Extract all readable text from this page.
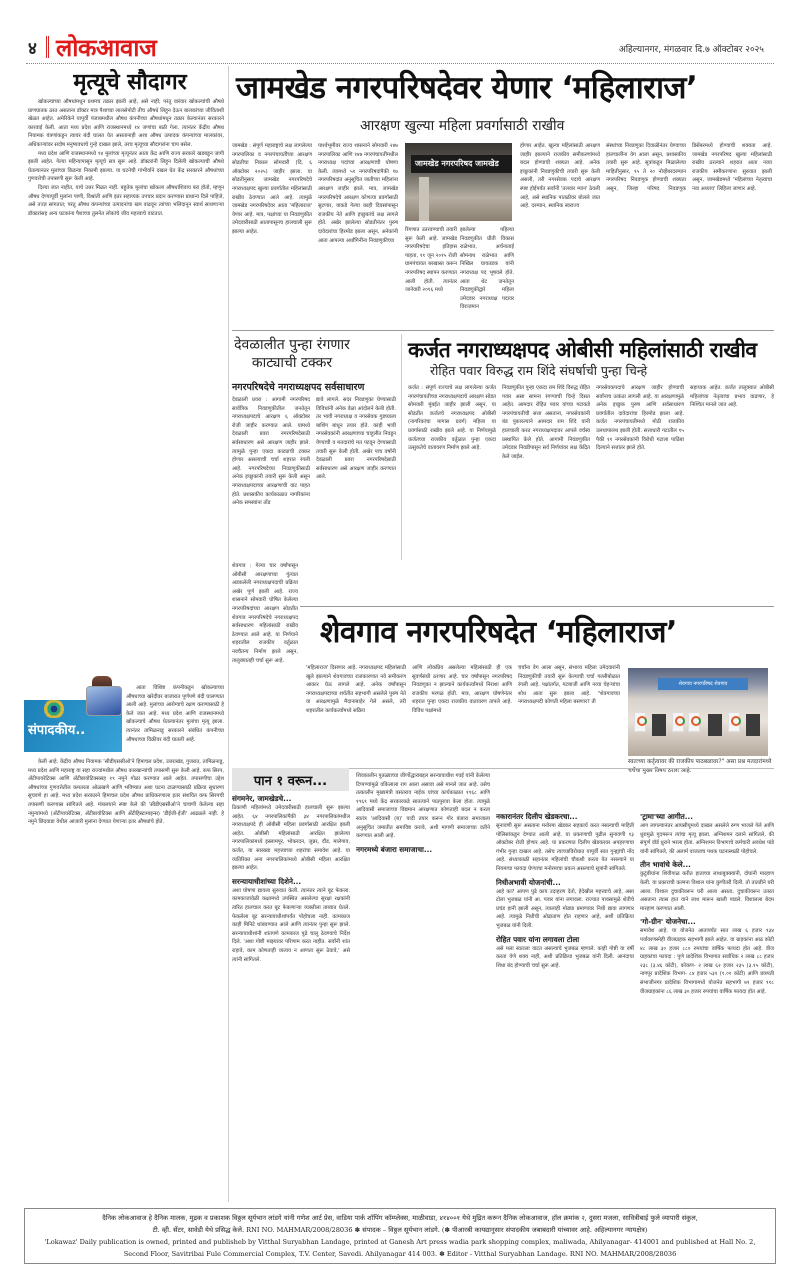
४ लोकआवाज	अहिल्यानगर, मंगळवार दि.७ ऑक्टोबर २०२५
मृत्यूचे सौदागर

खोकल्याच्या औषधांमधून प्रथमच तक्रार झाली आहे, असे नाही; परंतु वारंवार खोकल्यांची औषधे प्राणघातक ठरत असताना डॉक्टर मात्र पैशाच्या लालसेपोटी तीच औषधे लिहून देऊन बालकांच्या जीविताशी खेळत आहेत. अमेरिकेने यापूर्वी पंजाबमधील औषध कंपनीच्या औषधांमधून तक्रार केल्यानंतर सरकारने कारवाई केली. आता मध्य प्रदेश आणि राजस्थानमध्ये १४ जणांचा बळी गेला. त्यानंतर केंद्रीय औषध नियामक यंत्रणांकडून त्यावर बंदी घालत येत असतानाही अशा औषध उत्पादक कंपन्यांच्या मालकांवर, अधिकाऱ्यांवर सदोष मनुष्यवधाचे गुन्हे दाखल झाले, तरच मृत्यूच्या सौदागरांना चाप बसेल.

मध्य प्रदेश आणि राजस्थानमध्ये १४ मुलांच्या मृत्यूनंतर आता केंद्र आणि राज्य सरकारे खडबडून जागी झाली आहेत. गेल्या महिन्यापासून मृत्यूचे सत्र सुरू आहे. डॉक्टरांनी लिहून दिलेली खोकल्याची औषधे घेतल्यानंतर मुलांच्या किडन्या निकामी झाल्या. या घटनेची गांभीर्याने दखल घेत केंद्र सरकारने औषधांच्या गुणवत्तेची तपासणी सुरू केली आहे.

दिल्या जात नाहीत, याचे उत्तर मिळत नाही. बहुतेक मुलांचा खोकला औषधांशिवाय बरा होतो, म्हणून औषध देण्यापूर्वी मुलांना पाणी, विश्रांती आणि इतर सहाय्यक उपचार प्रदान करण्यास प्राधान्य दिले पाहिजे, असे तज्ज्ञ सांगतात; परंतु औषध कंपन्यांच्या उत्पादनांचा खप वाढवून त्यांच्या भलिदानून स्वार्थ साधणाऱ्या डॉक्टरांसह अन्य घटकांना पैशाच्या तुलनेत लोकांचे जीव महत्त्वाचे वाटतात.

संपादकीय..

आता विशिष्ट कंपनीकडून खोकल्याच्या औषधाच्या खरेदीवर बाजारात पूर्णपणे बंदी घालण्यात आली आहे. मुलांच्या आरोग्याचे रक्षण करण्यासाठी हे केले जात आहे. मध्य प्रदेश आणि राजस्थानमध्ये खोकल्याचे औषध घेतल्यानंतर मुलांचा मृत्यू झाला. त्यानंतर तामिळनाडू सरकारने संबंधित कंपनीच्या औषधाच्या विक्रीवर बंदी घातली आहे.

केली आहे. केंद्रीय औषध नियामक 'सीडीएससीओ'ने हिमाचल प्रदेश, उत्तराखंड, गुजरात, तामिळनाडू, मध्य प्रदेश आणि महाराष्ट्र या सहा राज्यांमधील औषध कारखान्यांची तपासणी सुरू केली आहे. कफ सिरप, अँटीपायरेटिक्स आणि अँटीबायोटिक्ससह १९ नमुने गोळा करण्यात आले आहेत. तपासणीचा उद्देश औषधांच्या गुणवत्तेतील कमतरता ओळखणे आणि भविष्यात अशा घटना टाळण्यासाठी प्रक्रिया सुधारणा सुचवणे हा आहे. मध्य प्रदेश सरकारने हिमाचल प्रदेश औषध प्राधिकरणाला इतर संशयित कफ सिरपची तपासणी करण्यास सांगितले आहे. मंत्रालयाने स्पष्ट केले की 'सीडीएससीओ'ने चाचणी केलेल्या सहा नमुन्यांमध्ये (अँटीपायरेटिक्स, अँटीबायोटिक्स आणि अँटीहिस्टामाइन्स) 'डीईजी-ईजी' आढळले नाही. हे नमुने छिंदवाडा येथील आजारी मुलांना देण्यात येणाऱ्या इतर औषधांचे होते.

जामखेड नगरपरिषदेवर येणार ‘महिलाराज’
आरक्षण खुल्या महिला प्रवर्गासाठी राखीव
जामखेड : संपूर्ण महाराष्ट्राचे लक्ष लागलेल्या नगरपालिका व नगरपंचायतींच्या आरक्षण सोडतीचा निकाल सोमवारी (दि. ६ ऑक्टोबर २०२५) जाहीर झाला. या सोडतीनुसार जामखेड नगरपरिषदेचे नगराध्यक्षपद खुल्या प्रवर्गातील महिलांसाठी राखीव ठेवण्यात आले आहे. त्यामुळे जामखेड नगरपरिषदेवर आता 'महिलाराज' येणार आहे. मात्र, पक्षांच्या या निवडणुकीत उमेदवारीसाठी आतापासूनच हालचाली सुरू झाल्या आहेत.
पार्श्वभूमीवर राज्य शासनाने सोमवारी २४७ नगरपालिका आणि १४७ नगरपंचायतींमधील नगराध्यक्ष पदांच्या आरक्षणाची घोषणा केली. त्यामध्ये ५१ नगरपरिषदांपैकी १७ नगरपरिषदांत अनुसूचित जातीच्या महिलांना आरक्षण जाहीर झाले. मात्र, जामखेड नगरपरिषदेचे आरक्षण कोणत्या प्रवर्गासाठी सुटणार, याकडे गेल्या काही दिवसांपासून राजकीय नेते आणि इच्छुकांचे लक्ष लागले होते. अखेर झालेल्या सोडतीनंतर पुरुष दावेदारांचा हिरमोड झाला असून, अनेकांनी आता आपल्या अर्धांगिनींना निवडणुकीच्या
जामखेड नगरपरिषद जामखेड
रिंगणात उतरवण्याची तयारी सुरू केली आहे. जामखेड नगरपरिषदेचा इतिहास पाहता, ११ जून २०१५ रोजी ग्रामपंचायत बरखास्त करून नगरपरिषद स्थापन करण्यात आली होती. त्यानंतर जानेवारी २०१६ मध्ये
झालेल्या पहिल्या निवडणुकीत प्रीती विकास राळेभात, अर्चनाताई सोमनाथ राळेभात आणि निखिल घायतडक यांनी नगराध्यक्ष पद भूषवले होते. आता थेट जनतेतून निवडणुकीद्वारे महिला उमेदवार नगराध्यक्ष पदावर विराजमान
होणार आहेत. खुल्या महिलांसाठी आरक्षण जाहीर झाल्याने राजकीय समीकरणांमध्ये बदल होण्याची शक्यता आहे. अनेक इच्छुकांनी निवडणुकीची तयारी सुरू केली असली, तरी नगरसेवक पदाचे आरक्षण स्पष्ट होईपर्यंत सर्वांनी 'तलवार म्यान' ठेवली आहे, असे स्थानिक पातळीवर बोलले जात आहे. दरम्यान, स्थानिक स्वराज्य
संस्थांच्या निवडणुका दिवाळीनंतर घेण्याच्या हालचालींना वेग आला असून, प्रशासकीय तयारी सुरू आहे. सूत्रांकडून मिळालेल्या माहितीनुसार, १५ ते २० नोव्हेंबरदरम्यान नगरपरिषद निवडणूक होण्याची शक्यता असून, जिल्हा परिषद निवडणूक डिसेंबरमध्ये होण्याची शक्यता आहे. जामखेड नगरपरिषद खुल्या महिलांसाठी राखीव ठरल्याने शहरात आता नव्या राजकीय समीकरणांना सुरुवात झाली असून, जामखेडमध्ये 'महिलांच्या नेतृत्वाचा नवा अध्याय' लिहिला जाणार आहे.
देवळालीत पुन्हा रंगणार
काट्याची टक्कर
नगरपरिषदेचे नगराध्यक्षपद सर्वसाधारण
देवळाली प्रवरा : आगामी नगरपरिषद सार्वत्रिक निवडणुकीतील जनतेतून नगराध्यक्षपदाचे आरक्षण ६ ऑक्टोबर रोजी जाहीर करण्यात आले. यामध्ये देवळाली प्रवरा नगरपरिषदेसाठी सर्वसाधारण असे आरक्षण जाहीर झाले. त्यामुळे पुन्हा एकदा काट्याची टक्कर होणार असल्याची चर्चा शहरात रंगली आहे. नगरपरिषदेच्या निवडणुकीसाठी अनेक इच्छुकांनी तयारी सुरू केली असून नगराध्यक्षपदाच्या आरक्षणाची वाट पाहत होते. प्रशासकीय कार्यकाळात नागरिकांना अनेक समस्यांना तोंड
द्यावे लागले. सदर निवडणुका घेण्यासाठी विविधांनी अनेक वेळा आंदोलने केली होती. तर भावी नगराध्यक्ष व नगरसेवक गुडघ्याला बाशिंग बांधून तयार होते. काही भावी नगरसेवकांनी आरक्षणाच्या चाहुलीत निवडून येण्याची व मतदारांचे मत पटवून देण्यासाठी तयारी सुरू केली होती. अखेर पाच वर्षांनी देवळाली प्रवरा नगरपरिषदेसाठी सर्वसाधारण असे आरक्षण जाहीर करण्यात आले.
कर्जत नगराध्यक्षपद ओबीसी महिलांसाठी राखीव
रोहित पवार विरुद्ध राम शिंदे संघर्षाची पुन्हा चिन्हे
कर्जत : संपूर्ण राज्याचे लक्ष लागलेल्या कर्जत नगरपंचायतीच्या नगराध्यक्षपदाचे आरक्षण सोडत सोमवारी मुंबईत जाहीर झाली असून, या सोडतीत कर्जतचे नगराध्यक्षपद ओबीसी (नागरिकांचा मागास प्रवर्ग) महिला या प्रवर्गासाठी राखीव झाले आहे. या निर्णयामुळे कर्जतच्या राजकीय वर्तुळात पुन्हा एकदा उत्सुकतेचे वातावरण निर्माण झाले आहे.
निवडणुकीत पुन्हा एकदा राम शिंदे विरुद्ध रोहित पवार असा सामना रंगण्याची चिन्हे दिसत आहेत. आमदार रोहित पवार यांच्या गटाकडे नगरपंचायतीची सत्ता असताना, नगरसेवकांनी बंड पुकारल्याने आमदार राम शिंदे यांनी हालचाली करत नगराध्यक्षपदावर आपले वर्चस्व प्रस्थापित केले होते. आगामी निवडणुकीत उमेदवार निवडीपासून सर्व निर्णयांवर लक्ष केंद्रित केले जाईल.
नगरसेवकपदाचे आरक्षण जाहीर होण्याची सर्वांनाच उत्कंठा लागली आहे. या आरक्षणामुळे अनेक इच्छुक पुरुष आणि सर्वसाधारण प्रवर्गातील दावेदारांचा हिरमोड झाला आहे. कर्जत नगरपंचायतीमध्ये मोठी राजकीय उलथापालथ झाली होती. सत्ताधारी गटातील १५ पैकी ११ नगरसेवकांनी विरोधी गटाला पाठिंबा दिल्याने सत्तांतर झाले होते.
सहाय्यक आहेत. कर्जत तालुक्यात ओबीसी महिलांच्या नेतृत्वाचा प्रभाव वाढणार, हे निश्चित मानले जात आहे.
शेवगाव : गेल्या चार वर्षांपासून ओबीसी आरक्षणाच्या गुंत्यात अडकलेली नगराध्यक्षपदाची प्रक्रिया अखेर पूर्ण झाली आहे. राज्य शासनाने सोमवारी घोषित केलेल्या नगरपरिषदांच्या आरक्षण सोडतीत शेवगाव नगरपरिषदेचे नगराध्यक्षपद सर्वसाधारण महिलांसाठी राखीव ठेवण्यात आले आहे. या निर्णयाने शहरातील राजकीय वर्तुळात नवचैतन्य निर्माण झाले असून, तालुक्यातही चर्चा सुरू आहे.
शेवगाव नगरपरिषदेत ‘महिलाराज’
'महिलाराज' दिसणार आहे. नगराध्यक्षपद महिलांसाठी खुले झाल्याने शेवगावच्या राजकारणात नवे समीकरण आकार घेऊ लागले आहे. अनेक वर्षांपासून नगराध्यक्षपदाच्या शर्यतीत सहभागी असलेले पुरुष नेते या आरक्षणामुळे मैदानाबाहेर गेले असले, तरी शहरातील कार्यकर्त्यांमध्ये सक्रिय
आणि लोकप्रिय असलेल्या महिलांसाठी ही एक सुवर्णसंधी ठरणार आहे. चार वर्षांपासून नगरपरिषद निवडणुका न झाल्याने कार्यकर्त्यांमध्ये निराशा आणि राजकीय मरगळ होती. मात्र, आरक्षण घोषणेनंतर शहरात पुन्हा एकदा राजकीय वातावरण तापले आहे. विविध पक्षांमध्ये
चर्चांना वेग आला असून, संभाव्य महिला उमेदवारांनी निवडणुकीची तयारी सुरू केल्याची चर्चा गल्लीबोळात रंगली आहे. पक्षांतर्गत, गटबाजी आणि नव्या चेहऱ्यांचा शोध आता सुरू झाला आहे. "शेवगावच्या नगराध्यक्षपदी कोणती महिला बसणार? ती
शेवगाव नगरपरिषद शेवगाव
स्वतःच्या कर्तृत्वावर की राजकीय पाठबळावर?" असा प्रश्न मतदारांमध्ये चर्चेचा मुख्य विषय ठरला आहे.
पान १ वरून...
संगमनेर, जामखेडचे...
ठिकाणी महिलांमध्ये उमेदवारीसाठी हालचाली सुरू झाल्या आहेत. ६४ नगरपालिकांपैकी ३४ नगरपालिकांमधील नगराध्यक्षपदे ही ओबीसी महिला प्रवर्गासाठी आरक्षित झाली आहेत. ओबीसी महिलांसाठी आरक्षित झालेल्या नगरपालिकांमध्ये इस्लामपूर, भोकरदन, जुन्नर, दौंड, मालेगाव, कर्जत, या सारख्या महत्त्वाच्या शहरांचा समावेश आहे. या व्यतिरिक्त अन्य नगरपालिकांमध्ये ओबीसी महिला आरक्षित झाल्या आहेत.
सरन्यायाधीशांच्या दिशेने...
अशा घोषणा द्यायला सुरुवात केली. त्यानंतर त्याने बूट फेकला. कामकाजावेळी कक्षामध्ये उपस्थित असलेल्या सुरक्षा रक्षकांनी त्वरित हालचाल करत बूट फेकणाऱ्या व्यक्तीला ताब्यात घेतले. फेकलेला बूट सरन्यायाधीशांपर्यंत पोहोचला नाही. कामकाज काही मिनिटे थांबवण्यात आले आणि त्यानंतर पुन्हा सुरू झाले. सरन्यायाधीशांनी शांतपणे कामकाज पुढे चालू ठेवण्याचे निर्देश दिले. 'अशा गोष्टी माझ्यावर परिणाम करत नाहीत. सर्वांनी शांत राहावे, काम कोणताही व्यत्यय न आणता सुरू ठेवावे,' असे त्यांनी सांगितले.
शिवकालीन पुतळ्याच्या जीर्णोद्धाराबद्दल सरन्यायाधीश गवई यांनी केलेल्या टिप्पण्यांमुळे वकिलाला राग आला असावा असे मानले जात आहे. तसेच तत्कालीन मुख्यमंत्री वसंतराव नाईक यांच्या कार्यकाळात १९६८ आणि १९६९ मध्ये केंद्र सरकारकडे सातत्याने पाठपुरावा केला होता. त्यामुळे आदिवासी समाजाच्या विद्यमान आरक्षणात कोणताही बदल न करता स्वतंत्र 'आदिवासी (ब)' यादी तयार करून गोर बंजारा समाजाला अनुसूचित जमातीत समाविष्ट करावे, अशी मागणी समाजाच्या वतीने करण्यात आली आहे.
नगरमध्ये बंजारा समाजाचा...
नकारानंतर दिलीप खेडकरचा...
सुनावणी सुरू असताना मनोरमा खेडकर सहकार्य करत नसल्याची माहिती पोलिसांकडून देण्यात आली आहे. या प्रकरणाची पुढील सुनावणी १३ ऑक्टोबर रोजी होणार आहे. या प्रकरणात दिलीप खेडकरवर अपहरणाचा गंभीर गुन्हा दाखल आहे. तसेच त्याच्याविरोधात यापूर्वी सात गुन्ह्यांची नोंद आहे. संध्याकाळी सहानंतर महिलांची चौकशी करता येत नसल्याने या नियमाचा फायदा घेण्याचा मनोरमाचा प्रयत्न असल्याचे सूत्रांनी सांगितले.
निधीअभावी योजनांची...
आहे का? आपण पुढे काय उदाहरण देतो, हेदेखील महत्त्वाचे आहे, असा टोला भुजबळ यांनी आ. पवार यांना लगावला. राज्यात पावसामुळे शेतीचे प्रचंड हानी झाली असून, त्यालाही मोठ्या प्रमाणावर निधी द्यावा लागणार आहे. त्यामुळे निधीची ओढाताण होत राहणार आहे, अशी प्रतिक्रिया भुजबळ यांनी दिली.
रोहित पवार यांना लगावला टोला
असे मला स्वतःला वाटत असल्याचे भुजबळ म्हणाले. काही गोष्टी या वर्षी करता येणे शक्य नाही, अशी प्रतिक्रिया भुजबळ यांनी दिली. आनंदाचा शिधा बंद होण्याची चर्चा सुरू आहे.
'ट्रामा'च्या आगीत...
आग लागल्यानंतर आयसीयूमध्ये दाखल असलेले रुग्ण भाजले गेले आणि धुरामुळे गुदमरून त्यांचा मृत्यू झाला. अग्निशमन दलाने सांगितले, की संपूर्ण वॉर्ड धुराने भरला होता. अग्निशमन विभागाचे कर्मचारी अवधेश पांडे यांनी सांगितले, की अलार्म वाजताच पथक घटनास्थळी पोहोचले.
तीन भावांचे केले...
कुटुंबीयांना शिवीगाळ करीत हाताच्या लाथाबुक्क्यांनी, दोघांनी मारहाण केली. या प्रकाराची कल्पना विशाल यांना कुणीतरी दिली. तो तातडीने घरी आला. विशाल दुचाकीवरून घरी आला असता, दुचाकीवरून उतरत असताना त्यास हात याने लाथ मारून खाली पाडले. विशालला बेदम मारहाण करण्यात आली.
'गो-ग्रीन' योजनेचा...
समावेश आहे. या योजनेत आतापर्यंत सात लाख ६ हजार ९३४ पर्यावरणस्नेही वीजग्राहक सहभागी झाले आहेत. या ग्राहकांना आठ कोटी ४८ लाख ३० हजार ८८० रुपयांचा वार्षिक फायदा होत आहे. वीज ग्राहकांचा फायदा : पुणे प्रादेशिक विभागात सर्वाधिक २ लाख ८८ हजार २३८ (३.४६ कोटी), कोकण- २ लाख ६२ हजार २३५ (३.१५ कोटी), नागपूर प्रादेशिक विभाग- ८४ हजार ५३१ (१.०१ कोटी) आणि छत्रपती संभाजीनगर प्रादेशिक विभागामध्ये योजनेत सहभागी ७१ हजार ९१८ वीजग्राहकांना ८६ लाख ३० हजार रुपयांचा वार्षिक फायदा होत आहे.
दैनिक लोकआवाज हे दैनिक मालक, मुद्रक व प्रकाशक विठ्ठल सूर्यभान लांडगे यांनी गणेश आर्ट प्रेस, वाडिया पार्क शॉपिंग कॉम्प्लेक्स, माळीवाडा, ४१४००१ येथे मुद्रित करून दैनिक लोकआवाज, हॉल क्रमांक २, दुसरा मजला, सावित्रीबाई फुले व्यापारी संकुल,
टी. व्ही. सेंटर, सावेडी येथे प्रसिद्ध केले. RNI NO. MAHMAR/2008/28036 ✽ संपादक – विठ्ठल सूर्यभान लांडगे. (✽ पीआरबी कायद्यानुसार संपादकीय जबाबदारी यांच्यावर आहे. अहिल्यानगर न्यायक्षेत्र)
'Lokawaz' Daily publication is owned, printed and publisheb by Vitthal Suryabhan Landage, printed at Ganesh Art press wadia park shopping complex, maliwada, Ahilyanagar- 414001 and published at Hall No. 2,
Second Floor, Savitribai Fule Commercial Complex, T.V. Center, Savedi. Ahilyanagar 414 003. ✽ Editor - Vitthal Suryabhan Landage. RNI NO. MAHMAR/2008/28036
